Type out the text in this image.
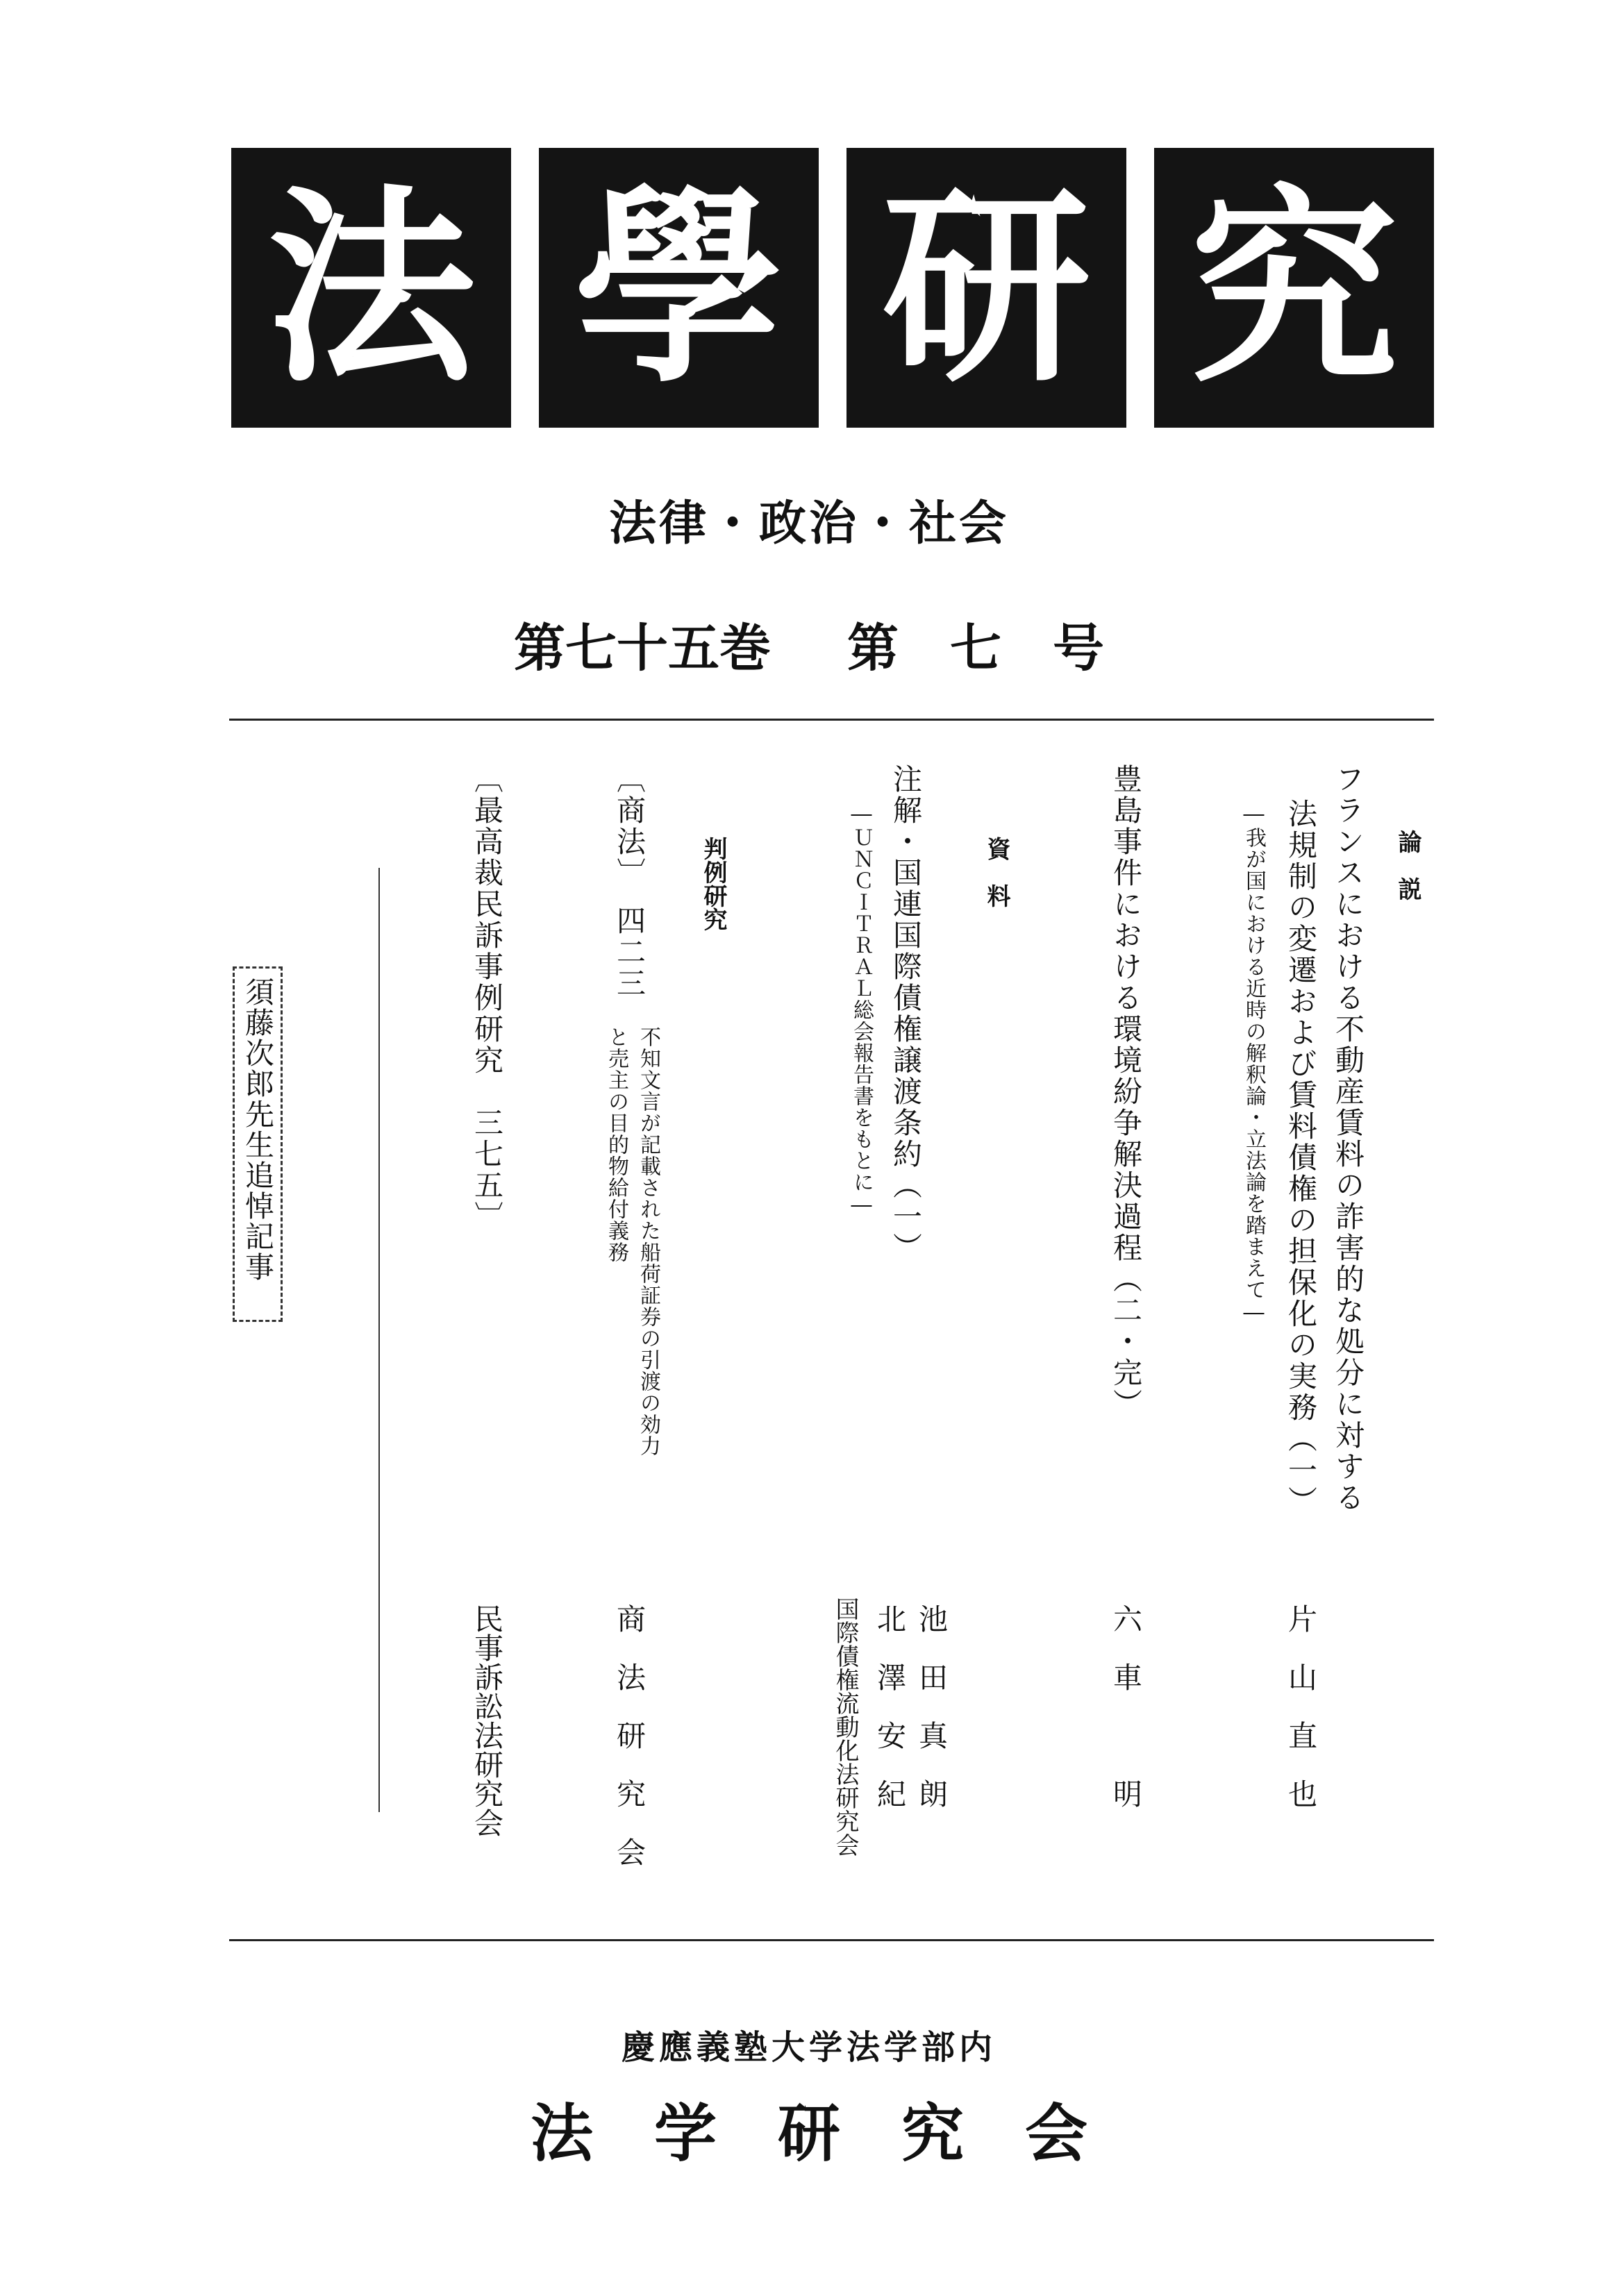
法 學 研 究
法律・政治・社会
第七十五巻 第　七　号
論　説
フランスにおける不動産賃料の詐害的な処分に対する
法規制の変遷および賃料債権の担保化の実務（一）
―我が国における近時の解釈論・立法論を踏まえて―
片　山　直　也
豊島事件における環境紛争解決過程（二・完）
六　車　　　明
資　料
注解・国連国際債権譲渡条約（一）
―ＵＮＣＩＴＲＡＬ総会報告書をもとに―
池　田　真　朗
北　澤　安　紀
国際債権流動化法研究会
判例研究
〔商法〕　四二三
不知文言が記載された船荷証券の引渡の効力
と売主の目的物給付義務
商　法　研　究　会
〔最高裁民訴事例研究　三七五〕
民事訴訟法研究会
須藤次郎先生追悼記事
慶應義塾大学法学部内
法 学 研 究 会
